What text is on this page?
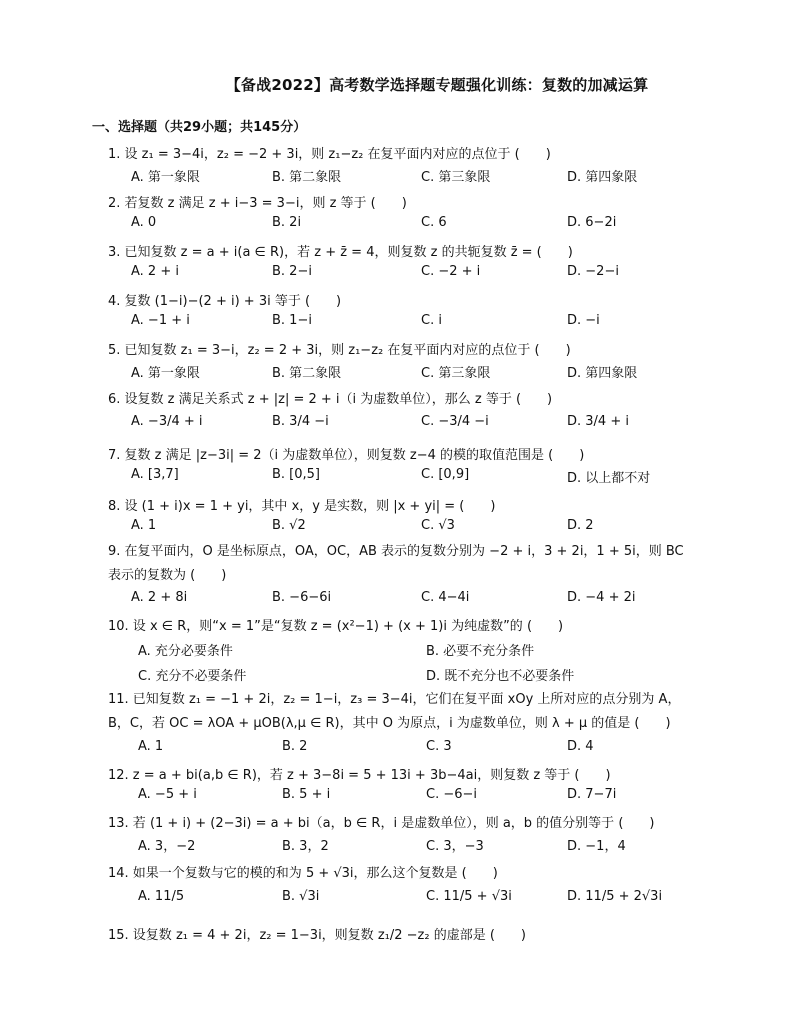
【备战2022】高考数学选择题专题强化训练：复数的加减运算
一、选择题（共29小题；共145分）
1. 设 z₁ = 3−4i，z₂ = −2 + 3i，则 z₁−z₂ 在复平面内对应的点位于 (　　)
A. 第一象限	B. 第二象限	C. 第三象限	D. 第四象限
2. 若复数 z 满足 z + i−3 = 3−i，则 z 等于 (　　)
A. 0	B. 2i	C. 6	D. 6−2i
3. 已知复数 z = a + i(a ∈ R)，若 z + z̄ = 4，则复数 z 的共轭复数 z̄ = (　　)
A. 2 + i	B. 2−i	C. −2 + i	D. −2−i
4. 复数 (1−i)−(2 + i) + 3i 等于 (　　)
A. −1 + i	B. 1−i	C. i	D. −i
5. 已知复数 z₁ = 3−i，z₂ = 2 + 3i，则 z₁−z₂ 在复平面内对应的点位于 (　　)
A. 第一象限	B. 第二象限	C. 第三象限	D. 第四象限
6. 设复数 z 满足关系式 z + |z| = 2 + i（i 为虚数单位），那么 z 等于 (　　)
A. −3/4 + i	B. 3/4 −i	C. −3/4 −i	D. 3/4 + i
7. 复数 z 满足 |z−3i| = 2（i 为虚数单位），则复数 z−4 的模的取值范围是 (　　)
A. [3,7]	B. [0,5]	C. [0,9]	D. 以上都不对
8. 设 (1 + i)x = 1 + yi，其中 x，y 是实数，则 |x + yi| = (　　)
A. 1	B. √2	C. √3	D. 2
9. 在复平面内，O 是坐标原点，OA，OC，AB 表示的复数分别为 −2 + i，3 + 2i，1 + 5i，则 BC 表示的复数为 (　　)
A. 2 + 8i	B. −6−6i	C. 4−4i	D. −4 + 2i
10. 设 x ∈ R，则“x = 1”是“复数 z = (x²−1) + (x + 1)i 为纯虚数”的 (　　)
A. 充分必要条件	B. 必要不充分条件
C. 充分不必要条件	D. 既不充分也不必要条件
11. 已知复数 z₁ = −1 + 2i，z₂ = 1−i，z₃ = 3−4i，它们在复平面 xOy 上所对应的点分别为 A，B，C，若 OC = λOA + μOB(λ,μ ∈ R)，其中 O 为原点，i 为虚数单位，则 λ + μ 的值是 (　　)
A. 1	B. 2	C. 3	D. 4
12. z = a + bi(a,b ∈ R)，若 z + 3−8i = 5 + 13i + 3b−4ai，则复数 z 等于 (　　)
A. −5 + i	B. 5 + i	C. −6−i	D. 7−7i
13. 若 (1 + i) + (2−3i) = a + bi（a，b ∈ R，i 是虚数单位），则 a，b 的值分别等于 (　　)
A. 3，−2	B. 3，2	C. 3，−3	D. −1，4
14. 如果一个复数与它的模的和为 5 + √3i，那么这个复数是 (　　)
A. 11/5	B. √3i	C. 11/5 + √3i	D. 11/5 + 2√3i
15. 设复数 z₁ = 4 + 2i，z₂ = 1−3i，则复数 z₁/2 −z₂ 的虚部是 (　　)
